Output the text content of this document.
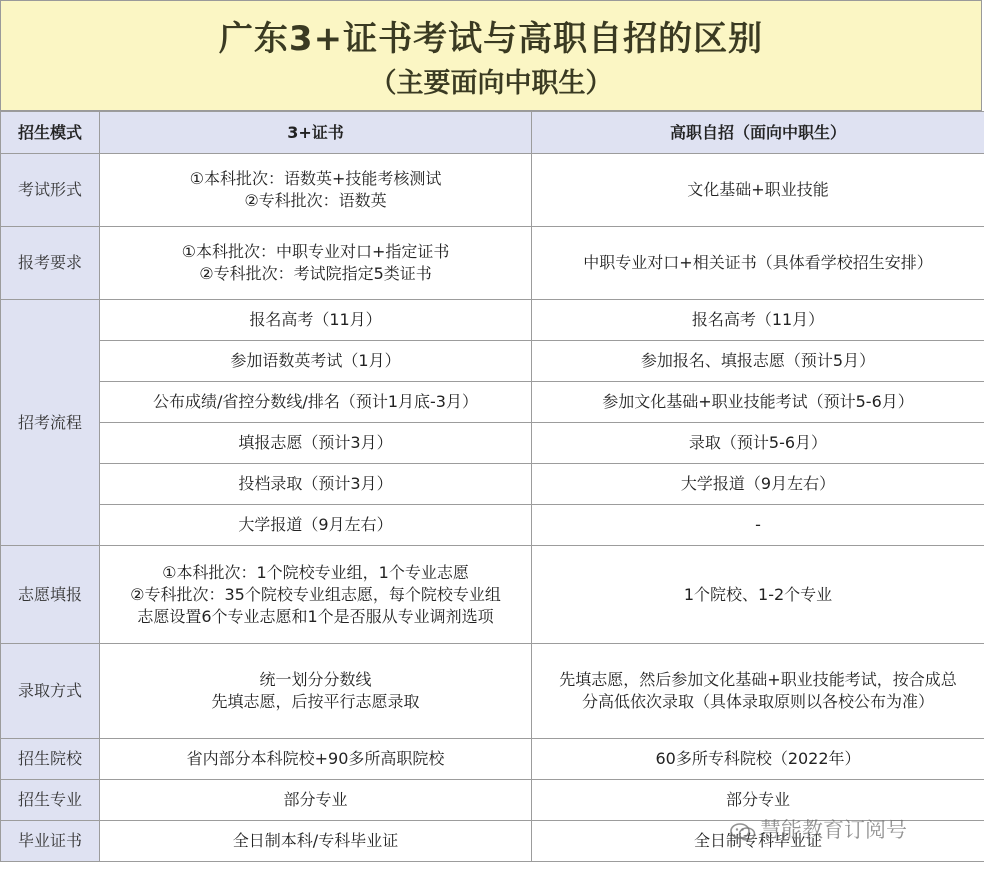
广东3+证书考试与高职自招的区别
（主要面向中职生）
招生模式	3+证书	高职自招（面向中职生）
考试形式	①本科批次：语数英+技能考核测试
②专科批次：语数英	文化基础+职业技能

报考要求	①本科批次：中职专业对口+指定证书
②专科批次：考试院指定5类证书	中职专业对口+相关证书（具体看学校招生安排）

招考流程	报名高考（11月）	报名高考（11月）
	参加语数英考试（1月）	参加报名、填报志愿（预计5月）
	公布成绩/省控分数线/排名（预计1月底-3月）	参加文化基础+职业技能考试（预计5-6月）
	填报志愿（预计3月）	录取（预计5-6月）
	投档录取（预计3月）	大学报道（9月左右）
	大学报道（9月左右）	-
志愿填报	①本科批次：1个院校专业组，1个专业志愿
②专科批次：35个院校专业组志愿，每个院校专业组
志愿设置6个专业志愿和1个是否服从专业调剂选项	1个院校、1-2个专业

录取方式	统一划分分数线
先填志愿，后按平行志愿录取	先填志愿，然后参加文化基础+职业技能考试，按合成总
分高低依次录取（具体录取原则以各校公布为准）

招生院校	省内部分本科院校+90多所高职院校	60多所专科院校（2022年）
招生专业	部分专业	部分专业
毕业证书	全日制本科/专科毕业证	全日制专科毕业证
慧能教育订阅号
